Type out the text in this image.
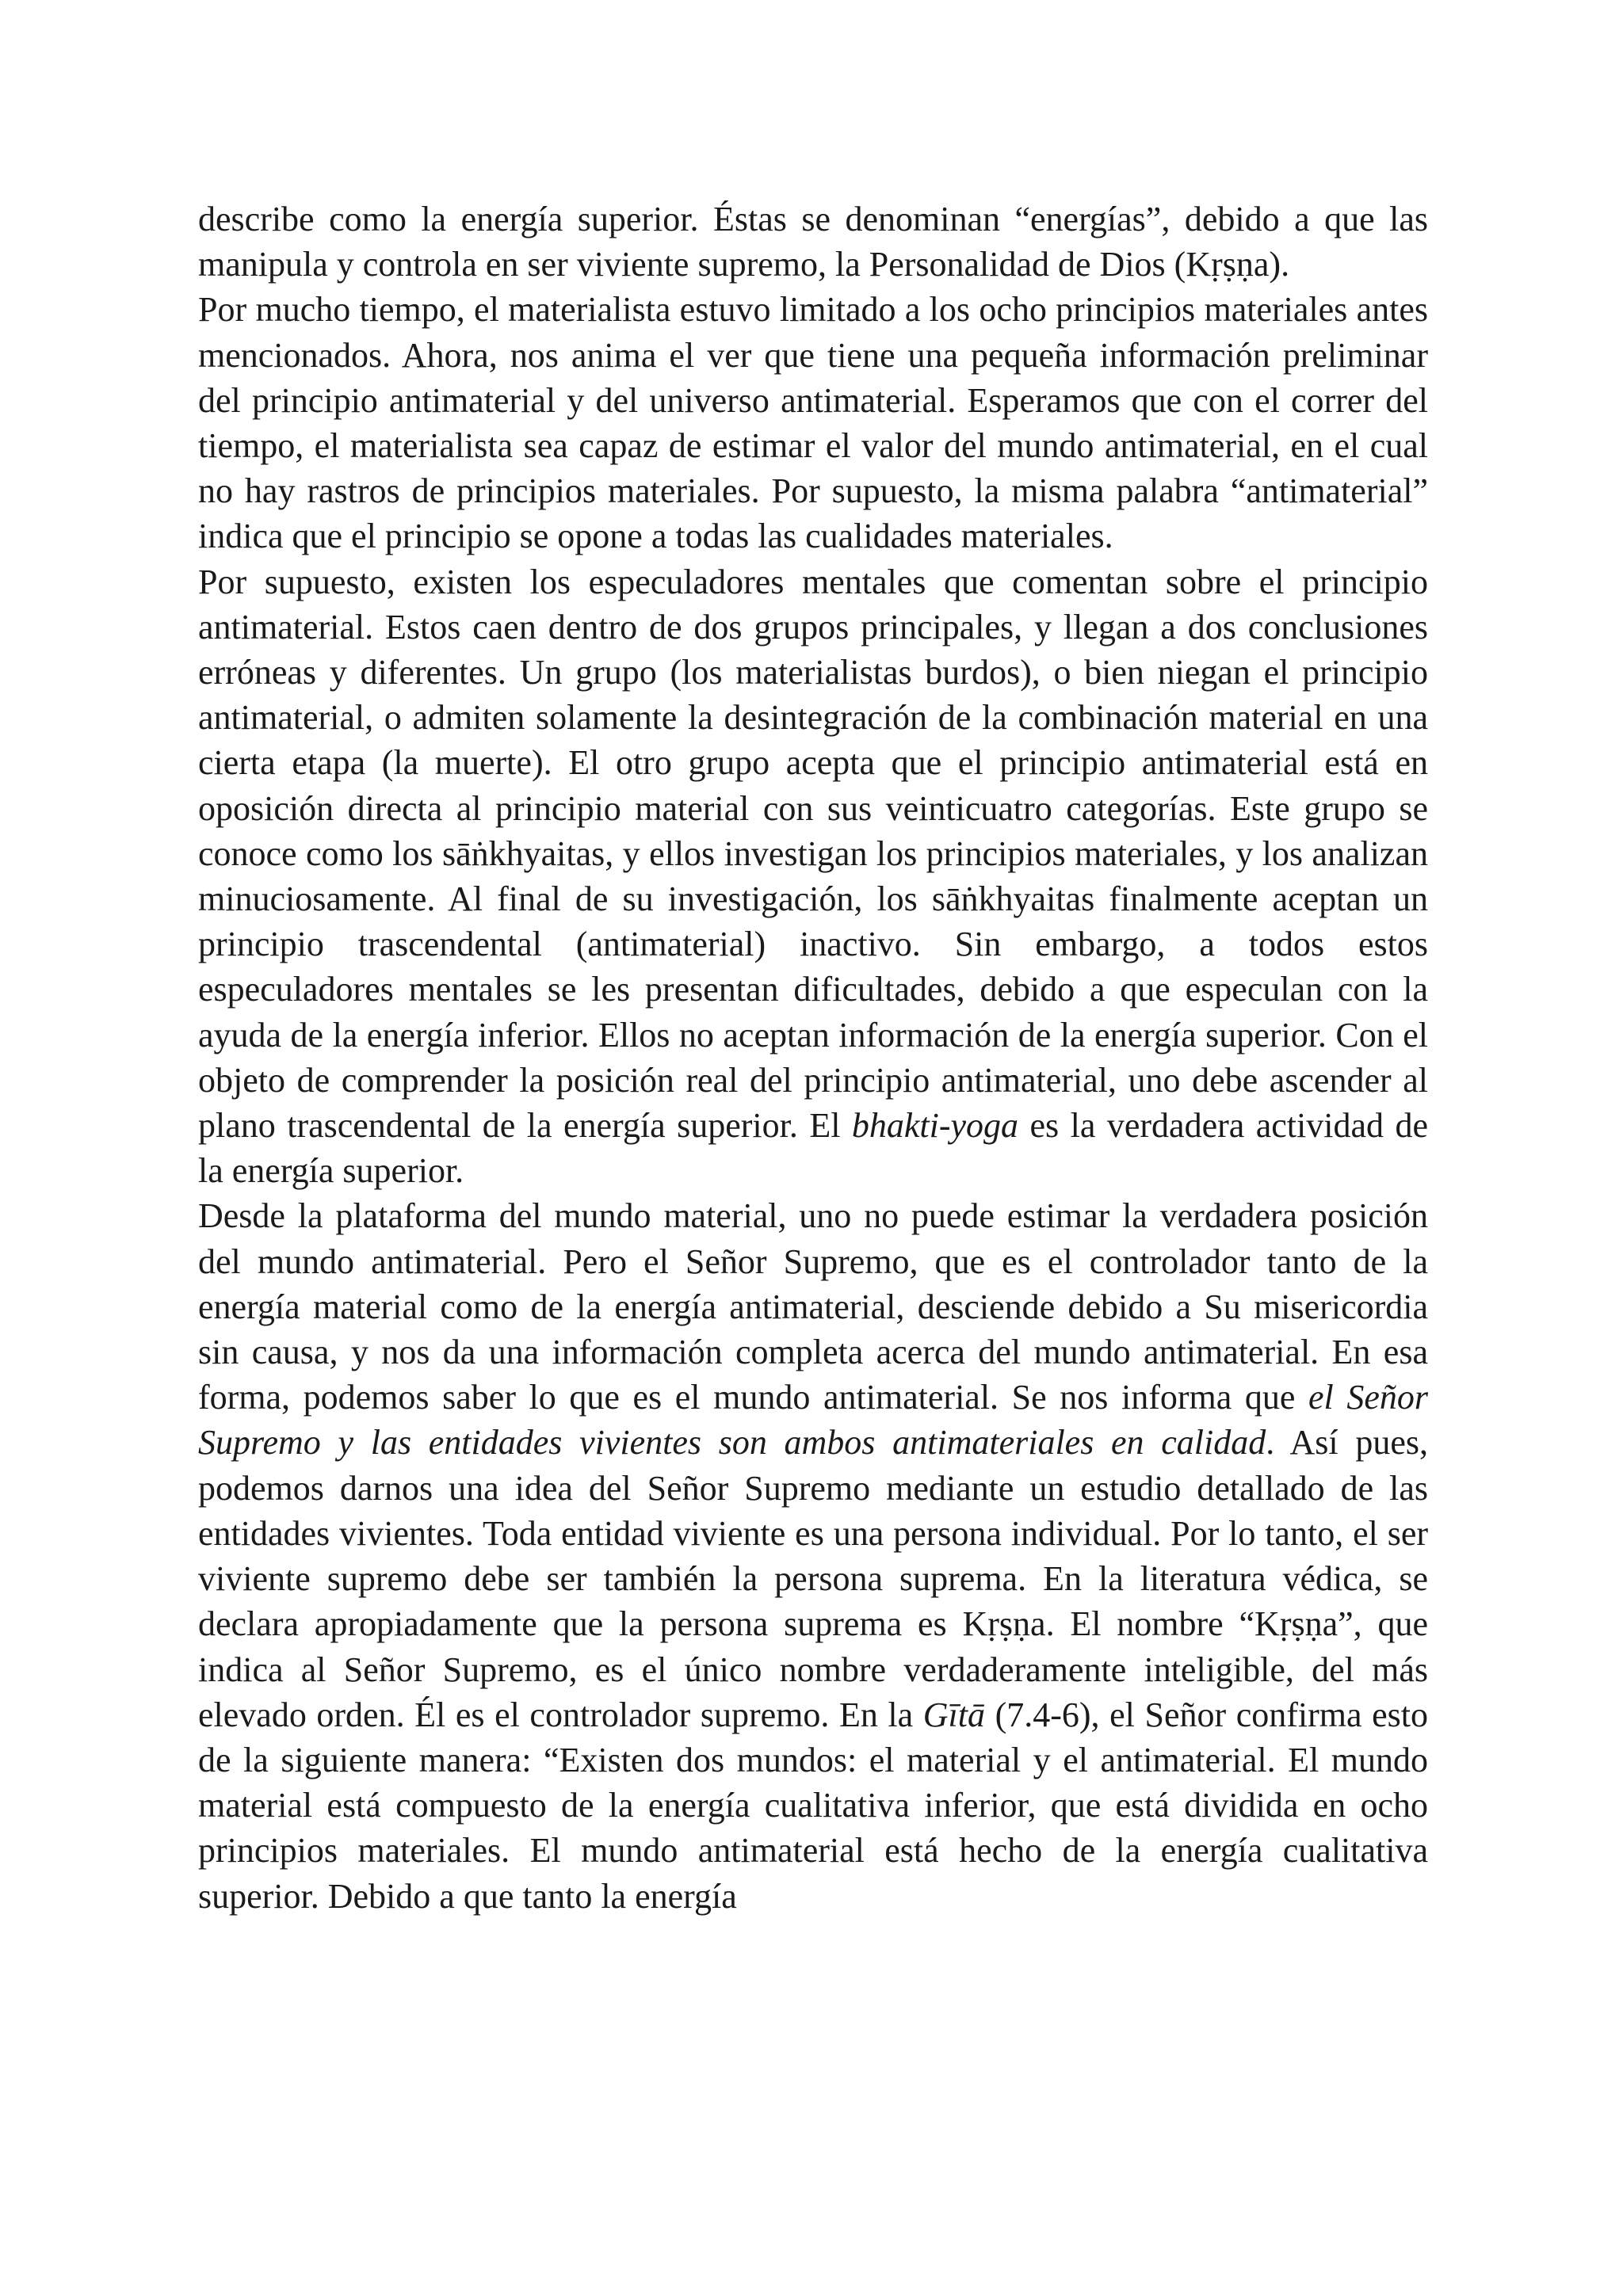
describe como la energía superior. Éstas se denominan “energías”, debido a que las manipula y controla en ser viviente supremo, la Personalidad de Dios (Kṛṣṇa).

Por mucho tiempo, el materialista estuvo limitado a los ocho principios materiales antes mencionados. Ahora, nos anima el ver que tiene una pequeña información preliminar del principio antimaterial y del universo antimaterial. Esperamos que con el correr del tiempo, el materialista sea capaz de estimar el valor del mundo antimaterial, en el cual no hay rastros de principios materiales. Por supuesto, la misma palabra “antimaterial” indica que el principio se opone a todas las cualidades materiales.

Por supuesto, existen los especuladores mentales que comentan sobre el principio antimaterial. Estos caen dentro de dos grupos principales, y llegan a dos conclusiones erróneas y diferentes. Un grupo (los materialistas burdos), o bien niegan el principio antimaterial, o admiten solamente la desintegración de la combinación material en una cierta etapa (la muerte). El otro grupo acepta que el principio antimaterial está en oposición directa al principio material con sus veinticuatro categorías. Este grupo se conoce como los sāṅkhyaitas, y ellos investigan los principios materiales, y los analizan minuciosamente. Al final de su investigación, los sāṅkhyaitas finalmente aceptan un principio trascendental (antimaterial) inactivo. Sin embargo, a todos estos especuladores mentales se les presentan dificultades, debido a que especulan con la ayuda de la energía inferior. Ellos no aceptan información de la energía superior. Con el objeto de comprender la posición real del principio antimaterial, uno debe ascender al plano trascendental de la energía superior. El bhakti-yoga es la verdadera actividad de la energía superior.

Desde la plataforma del mundo material, uno no puede estimar la verdadera posición del mundo antimaterial. Pero el Señor Supremo, que es el controlador tanto de la energía material como de la energía antimaterial, desciende debido a Su misericordia sin causa, y nos da una información completa acerca del mundo antimaterial. En esa forma, podemos saber lo que es el mundo antimaterial. Se nos informa que el Señor Supremo y las entidades vivientes son ambos antimateriales en calidad. Así pues, podemos darnos una idea del Señor Supremo mediante un estudio detallado de las entidades vivientes. Toda entidad viviente es una persona individual. Por lo tanto, el ser viviente supremo debe ser también la persona suprema. En la literatura védica, se declara apropiadamente que la persona suprema es Kṛṣṇa. El nombre “Kṛṣṇa”, que indica al Señor Supremo, es el único nombre verdaderamente inteligible, del más elevado orden. Él es el controlador supremo. En la Gītā (7.4-6), el Señor confirma esto de la siguiente manera: “Existen dos mundos: el material y el antimaterial. El mundo material está compuesto de la energía cualitativa inferior, que está dividida en ocho principios materiales. El mundo antimaterial está hecho de la energía cualitativa superior. Debido a que tanto la energía
